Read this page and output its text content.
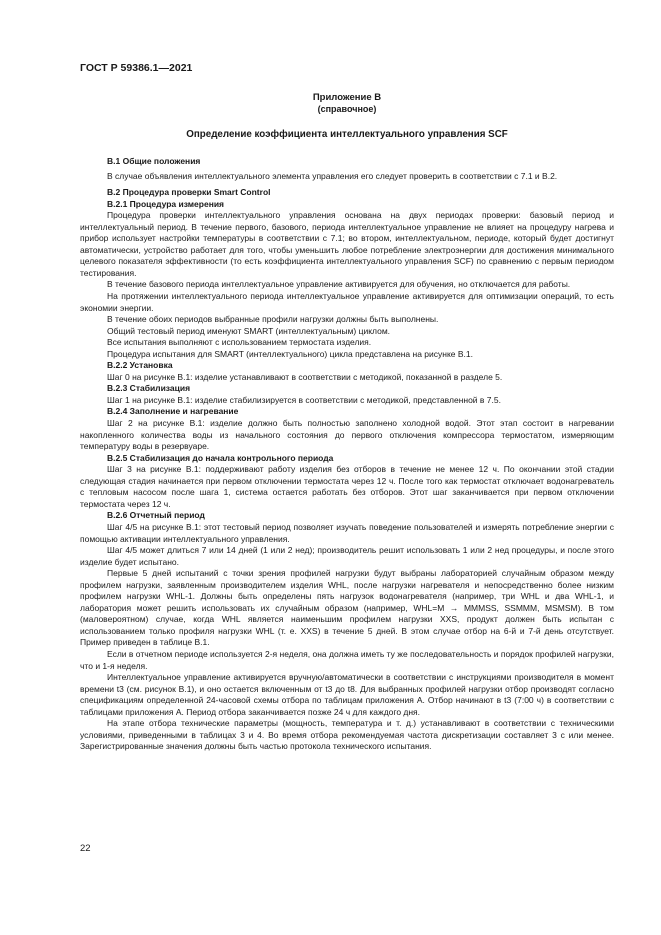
ГОСТ Р 59386.1—2021
Приложение В
(справочное)
Определение коэффициента интеллектуального управления SCF

В.1 Общие положения

В случае объявления интеллектуального элемента управления его следует проверить в соответствии с 7.1 и В.2.

В.2 Процедура проверки Smart Control

В.2.1 Процедура измерения

Процедура проверки интеллектуального управления основана на двух периодах проверки: базовый период и интеллектуальный период. В течение первого, базового, периода интеллектуальное управление не влияет на процедуру нагрева и прибор использует настройки температуры в соответствии с 7.1; во втором, интеллектуальном, периоде, который будет достигнут автоматически, устройство работает для того, чтобы уменьшить любое потребление электроэнергии для достижения минимального целевого показателя эффективности (то есть коэффициента интеллектуального управления SCF) по сравнению с первым периодом тестирования.

В течение базового периода интеллектуальное управление активируется для обучения, но отключается для работы.

На протяжении интеллектуального периода интеллектуальное управление активируется для оптимизации операций, то есть экономии энергии.

В течение обоих периодов выбранные профили нагрузки должны быть выполнены.

Общий тестовый период именуют SMART (интеллектуальным) циклом.

Все испытания выполняют с использованием термостата изделия.

Процедура испытания для SMART (интеллектуального) цикла представлена на рисунке В.1.

В.2.2 Установка

Шаг 0 на рисунке В.1: изделие устанавливают в соответствии с методикой, показанной в разделе 5.

В.2.3 Стабилизация

Шаг 1 на рисунке В.1: изделие стабилизируется в соответствии с методикой, представленной в 7.5.

В.2.4 Заполнение и нагревание

Шаг 2 на рисунке В.1: изделие должно быть полностью заполнено холодной водой. Этот этап состоит в нагревании накопленного количества воды из начального состояния до первого отключения компрессора термостатом, измеряющим температуру воды в резервуаре.

В.2.5 Стабилизация до начала контрольного периода

Шаг 3 на рисунке В.1: поддерживают работу изделия без отборов в течение не менее 12 ч. По окончании этой стадии следующая стадия начинается при первом отключении термостата через 12 ч. После того как термостат отключает водонагреватель с тепловым насосом после шага 1, система остается работать без отборов. Этот шаг заканчивается при первом отключении термостата через 12 ч.

В.2.6 Отчетный период

Шаг 4/5 на рисунке В.1: этот тестовый период позволяет изучать поведение пользователей и измерять потребление энергии с помощью активации интеллектуального управления.

Шаг 4/5 может длиться 7 или 14 дней (1 или 2 нед); производитель решит использовать 1 или 2 нед процедуры, и после этого изделие будет испытано.

Первые 5 дней испытаний с точки зрения профилей нагрузки будут выбраны лабораторией случайным образом между профилем нагрузки, заявленным производителем изделия WHL, после нагрузки нагревателя и непосредственно более низким профилем нагрузки WHL-1. Должны быть определены пять нагрузок водонагревателя (например, три WHL и два WHL-1, и лаборатория может решить использовать их случайным образом (например, WHL=M → MMMSS, SSMMM, MSMSM). В том (маловероятном) случае, когда WHL является наименьшим профилем нагрузки XXS, продукт должен быть испытан с использованием только профиля нагрузки WHL (т. е. XXS) в течение 5 дней. В этом случае отбор на 6-й и 7-й день отсутствует. Пример приведен в таблице В.1.

Если в отчетном периоде используется 2-я неделя, она должна иметь ту же последовательность и порядок профилей нагрузки, что и 1-я неделя.

Интеллектуальное управление активируется вручную/автоматически в соответствии с инструкциями производителя в момент времени t3 (см. рисунок В.1), и оно остается включенным от t3 до t8. Для выбранных профилей нагрузки отбор производят согласно спецификациям определенной 24-часовой схемы отбора по таблицам приложения А. Отбор начинают в t3 (7:00 ч) в соответствии с таблицами приложения А. Период отбора заканчивается позже 24 ч для каждого дня.

На этапе отбора технические параметры (мощность, температура и т. д.) устанавливают в соответствии с техническими условиями, приведенными в таблицах 3 и 4. Во время отбора рекомендуемая частота дискретизации составляет 3 с или менее. Зарегистрированные значения должны быть частью протокола технического испытания.

22
